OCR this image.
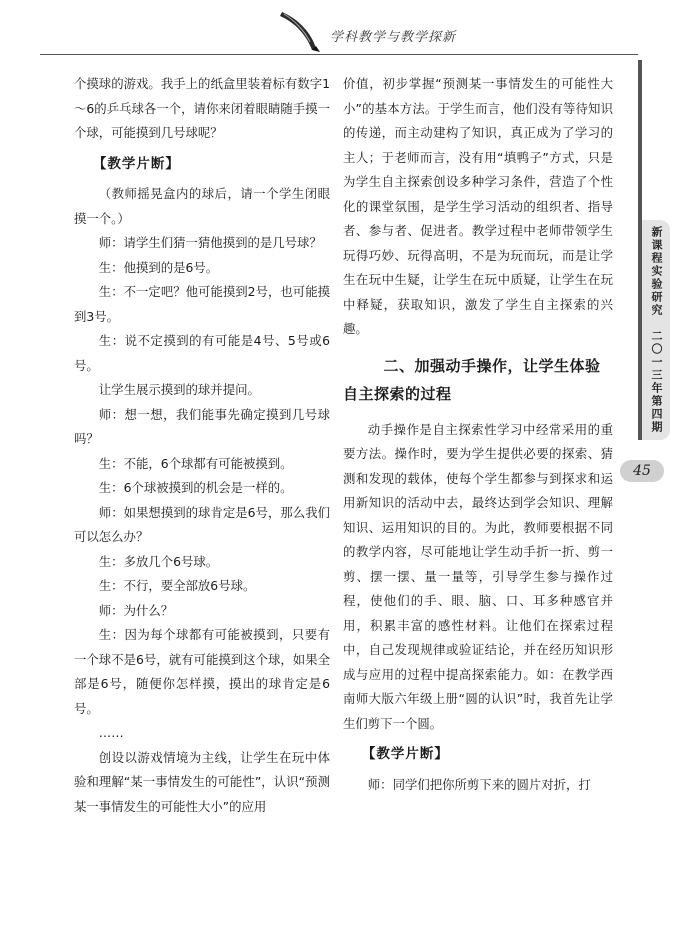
学科教学与教学探新
新课程实验研究　二〇一三年第四期
45

个摸球的游戏。我手上的纸盒里装着标有数字1～6的乒乓球各一个，请你来闭着眼睛随手摸一个球，可能摸到几号球呢？

【教学片断】

（教师摇晃盒内的球后，请一个学生闭眼摸一个。）

师：请学生们猜一猜他摸到的是几号球？

生：他摸到的是6号。

生：不一定吧？他可能摸到2号，也可能摸到3号。

生：说不定摸到的有可能是4号、5号或6号。

让学生展示摸到的球并提问。

师：想一想，我们能事先确定摸到几号球吗？

生：不能，6个球都有可能被摸到。

生：6个球被摸到的机会是一样的。

师：如果想摸到的球肯定是6号，那么我们可以怎么办？

生：多放几个6号球。

生：不行，要全部放6号球。

师：为什么？

生：因为每个球都有可能被摸到，只要有一个球不是6号，就有可能摸到这个球，如果全部是6号，随便你怎样摸，摸出的球肯定是6号。

……

创设以游戏情境为主线，让学生在玩中体验和理解“某一事情发生的可能性”，认识“预测某一事情发生的可能性大小”的应用

价值，初步掌握“预测某一事情发生的可能性大小”的基本方法。于学生而言，他们没有等待知识的传递，而主动建构了知识，真正成为了学习的主人；于老师而言，没有用“填鸭子”方式，只是为学生自主探索创设多种学习条件，营造了个性化的课堂氛围，是学生学习活动的组织者、指导者、参与者、促进者。教学过程中老师带领学生玩得巧妙、玩得高明，不是为玩而玩，而是让学生在玩中生疑，让学生在玩中质疑，让学生在玩中释疑，获取知识，激发了学生自主探索的兴趣。

二、加强动手操作，让学生体验
自主探索的过程

动手操作是自主探索性学习中经常采用的重要方法。操作时，要为学生提供必要的探索、猜测和发现的载体，使每个学生都参与到探求和运用新知识的活动中去，最终达到学会知识、理解知识、运用知识的目的。为此，教师要根据不同的教学内容，尽可能地让学生动手折一折、剪一剪、摆一摆、量一量等，引导学生参与操作过程，使他们的手、眼、脑、口、耳多种感官并用，积累丰富的感性材料。让他们在探索过程中，自己发现规律或验证结论，并在经历知识形成与应用的过程中提高探索能力。如：在教学西南师大版六年级上册“圆的认识”时，我首先让学生们剪下一个圆。

【教学片断】

师：同学们把你所剪下来的圆片对折，打
